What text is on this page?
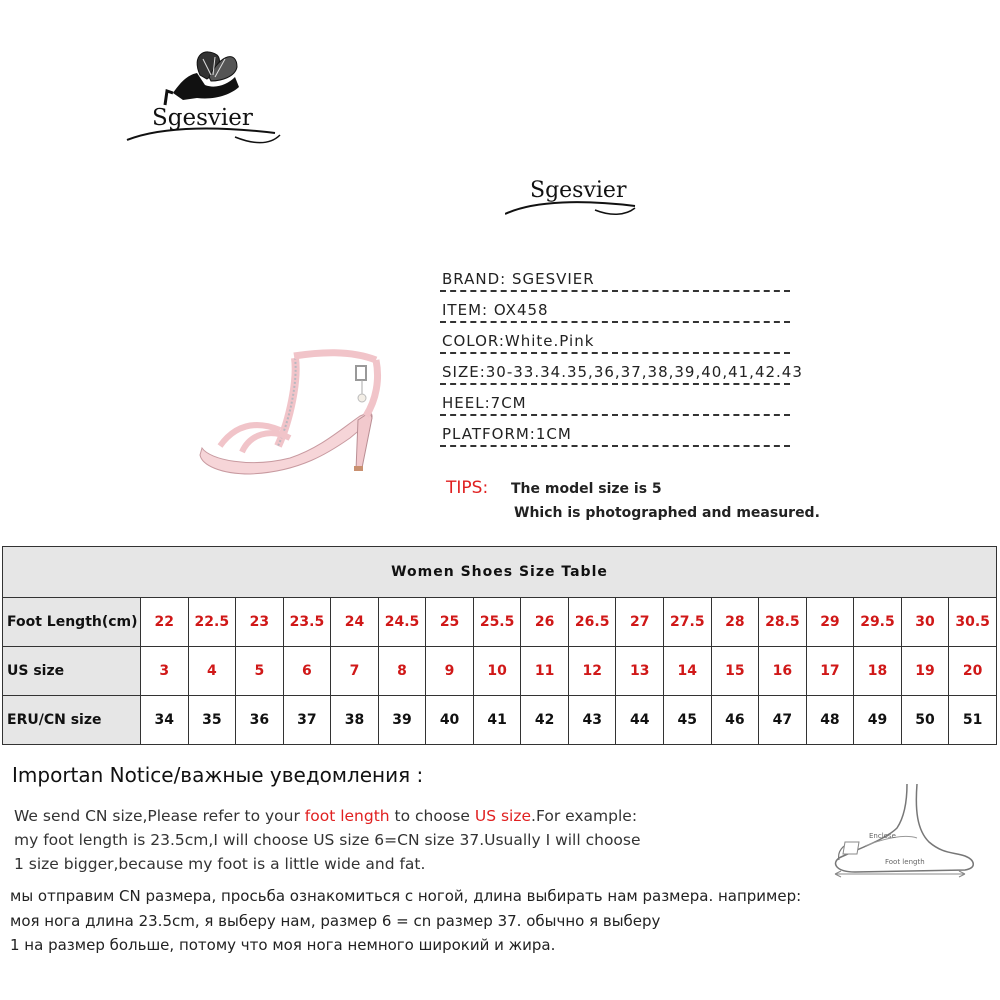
Sgesvier
Sgesvier
BRAND: SGESVIER
ITEM: OX458
COLOR:White.Pink
SIZE:30-33.34.35,36,37,38,39,40,41,42.43
HEEL:7CM
PLATFORM:1CM
TIPS: The model size is 5
Which is photographed and measured.
Women Shoes Size Table																		
Foot Length(cm)	22	22.5	23	23.5	24	24.5	25	25.5	26	26.5	27	27.5	28	28.5	29	29.5	30	30.5
US size	3	4	5	6	7	8	9	10	11	12	13	14	15	16	17	18	19	20
ERU/CN size	34	35	36	37	38	39	40	41	42	43	44	45	46	47	48	49	50	51
Importan Notice/важные уведомления :
We send CN size,Please refer to your foot length to choose US size.For example:
my foot length is 23.5cm,I will choose US size 6=CN size 37.Usually I will choose
1 size bigger,because my foot is a little wide and fat.
мы отправим CN размера, просьба ознакомиться с ногой, длина выбирать нам размера. например:
моя нога длина 23.5cm, я выберу нам, размер 6 = cn размер 37. обычно я выберу
1 на размер больше, потому что моя нога немного широкий и жира.
Enclose
Foot length
